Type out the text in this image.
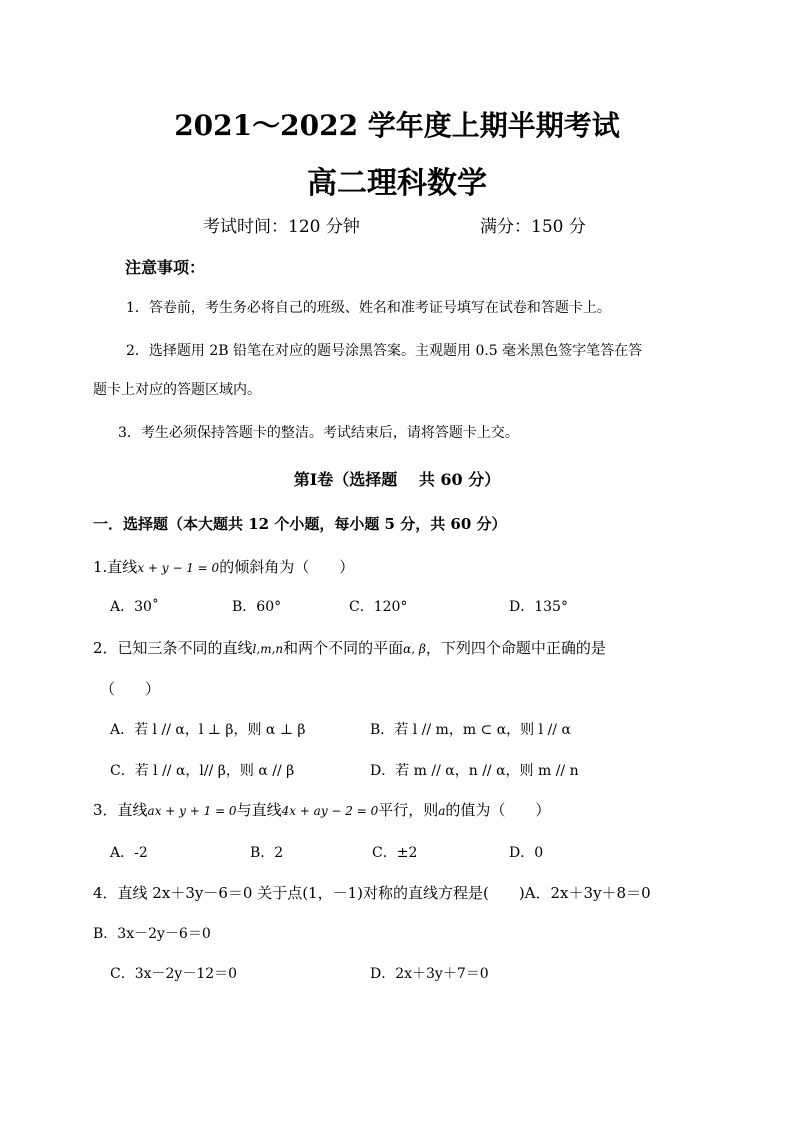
2021～2022 学年度上期半期考试
高二理科数学
考试时间：120 分钟	满分：150 分
注意事项：
1．答卷前，考生务必将自己的班级、姓名和准考证号填写在试卷和答题卡上。
2．选择题用 2B 铅笔在对应的题号涂黑答案。主观题用 0.5 毫米黑色签字笔答在答
题卡上对应的答题区域内。
3．考生必须保持答题卡的整洁。考试结束后，请将答题卡上交。
第Ⅰ卷（选择题　 共 60 分）
一．选择题（本大题共 12 个小题，每小题 5 分，共 60 分）
1.直线x + y − 1 = 0的倾斜角为（　　）
A．30˚	B．60°	C．120°	D．135°
2．已知三条不同的直线l,m,n和两个不同的平面α, β，下列四个命题中正确的是
（　　）
A．若 l // α，l ⊥ β，则 α ⊥ β	B．若 l // m，m ⊂ α，则 l // α
C．若 l // α，l// β，则 α // β	D．若 m // α，n // α，则 m // n
3．直线ax + y + 1 = 0与直线4x + ay − 2 = 0平行，则a的值为（　　）
A．-2	B．2	C．±2	D．0
4．直线 2x＋3y－6＝0 关于点(1，－1)对称的直线方程是(　　)A．2x＋3y＋8＝0
B．3x－2y－6＝0
C．3x－2y－12＝0	D．2x＋3y＋7＝0
